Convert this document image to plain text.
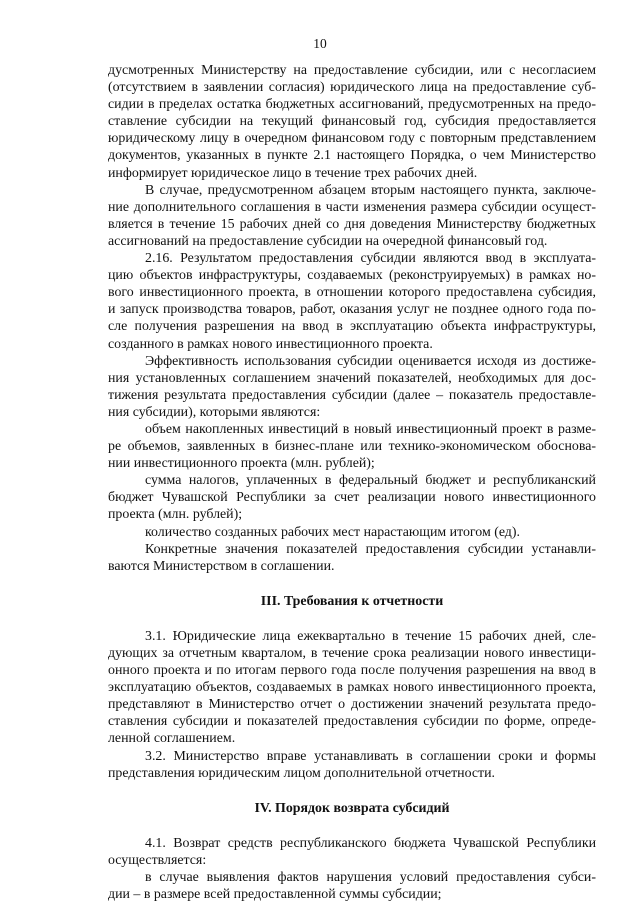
10
дусмотренных Министерству на предоставление субсидии, или с несогласием
(отсутствием в заявлении согласия) юридического лица на предоставление суб-
сидии в пределах остатка бюджетных ассигнований, предусмотренных на предо-
ставление субсидии на текущий финансовый год, субсидия предоставляется
юридическому лицу в очередном финансовом году с повторным представлением
документов, указанных в пункте 2.1 настоящего Порядка, о чем Министерство
информирует юридическое лицо в течение трех рабочих дней.
В случае, предусмотренном абзацем вторым настоящего пункта, заключе-
ние дополнительного соглашения в части изменения размера субсидии осущест-
вляется в течение 15 рабочих дней со дня доведения Министерству бюджетных
ассигнований на предоставление субсидии на очередной финансовый год.
2.16. Результатом предоставления субсидии являются ввод в эксплуата-
цию объектов инфраструктуры, создаваемых (реконструируемых) в рамках но-
вого инвестиционного проекта, в отношении которого предоставлена субсидия,
и запуск производства товаров, работ, оказания услуг не позднее одного года по-
сле получения разрешения на ввод в эксплуатацию объекта инфраструктуры,
созданного в рамках нового инвестиционного проекта.
Эффективность использования субсидии оценивается исходя из достиже-
ния установленных соглашением значений показателей, необходимых для дос-
тижения результата предоставления субсидии (далее – показатель предоставле-
ния субсидии), которыми являются:
объем накопленных инвестиций в новый инвестиционный проект в разме-
ре объемов, заявленных в бизнес-плане или технико-экономическом обоснова-
нии инвестиционного проекта (млн. рублей);
сумма налогов, уплаченных в федеральный бюджет и республиканский
бюджет Чувашской Республики за счет реализации нового инвестиционного
проекта (млн. рублей);
количество созданных рабочих мест нарастающим итогом (ед).
Конкретные значения показателей предоставления субсидии устанавли-
ваются Министерством в соглашении.
III. Требования к отчетности
3.1. Юридические лица ежеквартально в течение 15 рабочих дней, сле-
дующих за отчетным кварталом, в течение срока реализации нового инвестици-
онного проекта и по итогам первого года после получения разрешения на ввод в
эксплуатацию объектов, создаваемых в рамках нового инвестиционного проекта,
представляют в Министерство отчет о достижении значений результата предо-
ставления субсидии и показателей предоставления субсидии по форме, опреде-
ленной соглашением.
3.2. Министерство вправе устанавливать в соглашении сроки и формы
представления юридическим лицом дополнительной отчетности.
IV. Порядок возврата субсидий
4.1. Возврат средств республиканского бюджета Чувашской Республики
осуществляется:
в случае выявления фактов нарушения условий предоставления субси-
дии – в размере всей предоставленной суммы субсидии;
